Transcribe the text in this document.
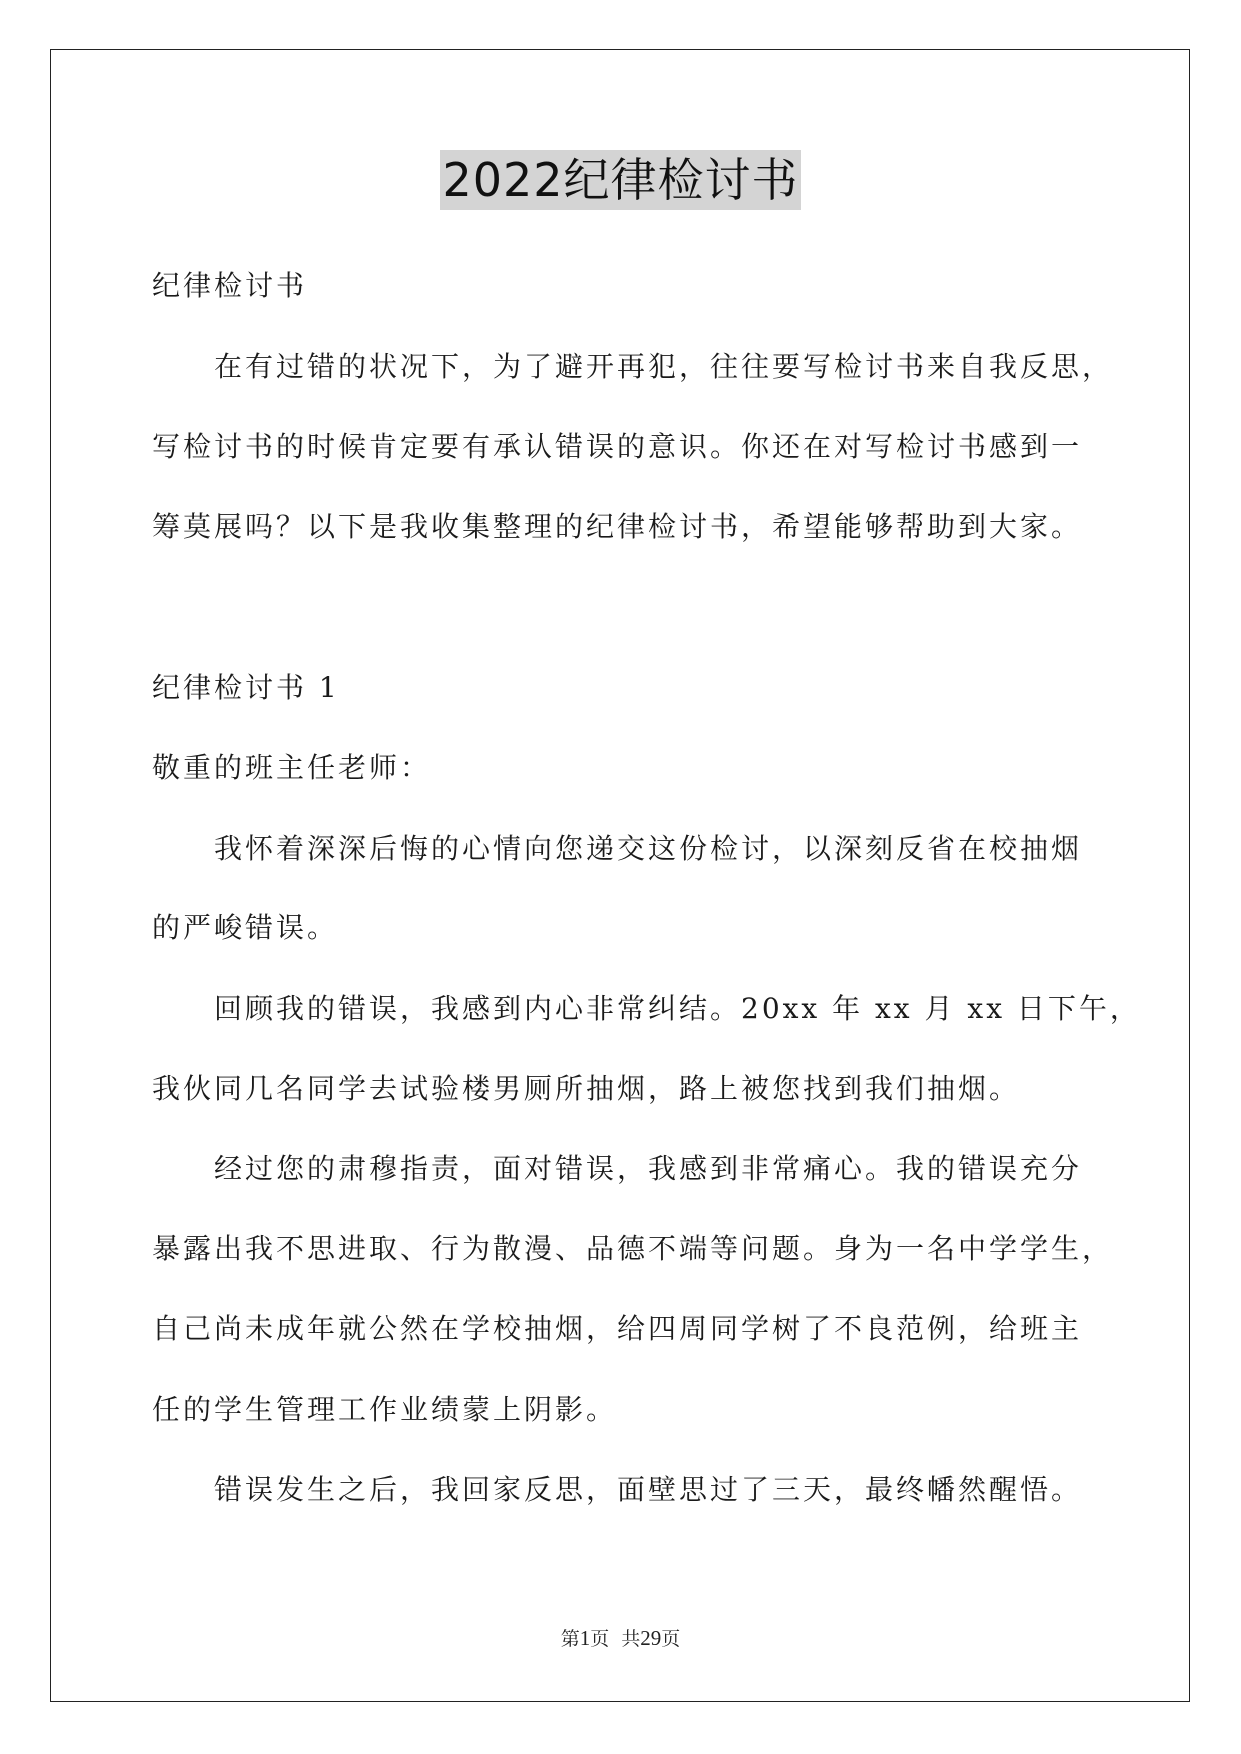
2022纪律检讨书
纪律检讨书
在有过错的状况下，为了避开再犯，往往要写检讨书来自我反思，
写检讨书的时候肯定要有承认错误的意识。你还在对写检讨书感到一
筹莫展吗？以下是我收集整理的纪律检讨书，希望能够帮助到大家。
纪律检讨书 1
敬重的班主任老师：
我怀着深深后悔的心情向您递交这份检讨，以深刻反省在校抽烟
的严峻错误。
回顾我的错误，我感到内心非常纠结。20xx 年 xx 月 xx 日下午，
我伙同几名同学去试验楼男厕所抽烟，路上被您找到我们抽烟。
经过您的肃穆指责，面对错误，我感到非常痛心。我的错误充分
暴露出我不思进取、行为散漫、品德不端等问题。身为一名中学学生，
自己尚未成年就公然在学校抽烟，给四周同学树了不良范例，给班主
任的学生管理工作业绩蒙上阴影。
错误发生之后，我回家反思，面壁思过了三天，最终幡然醒悟。
第1页  共29页
